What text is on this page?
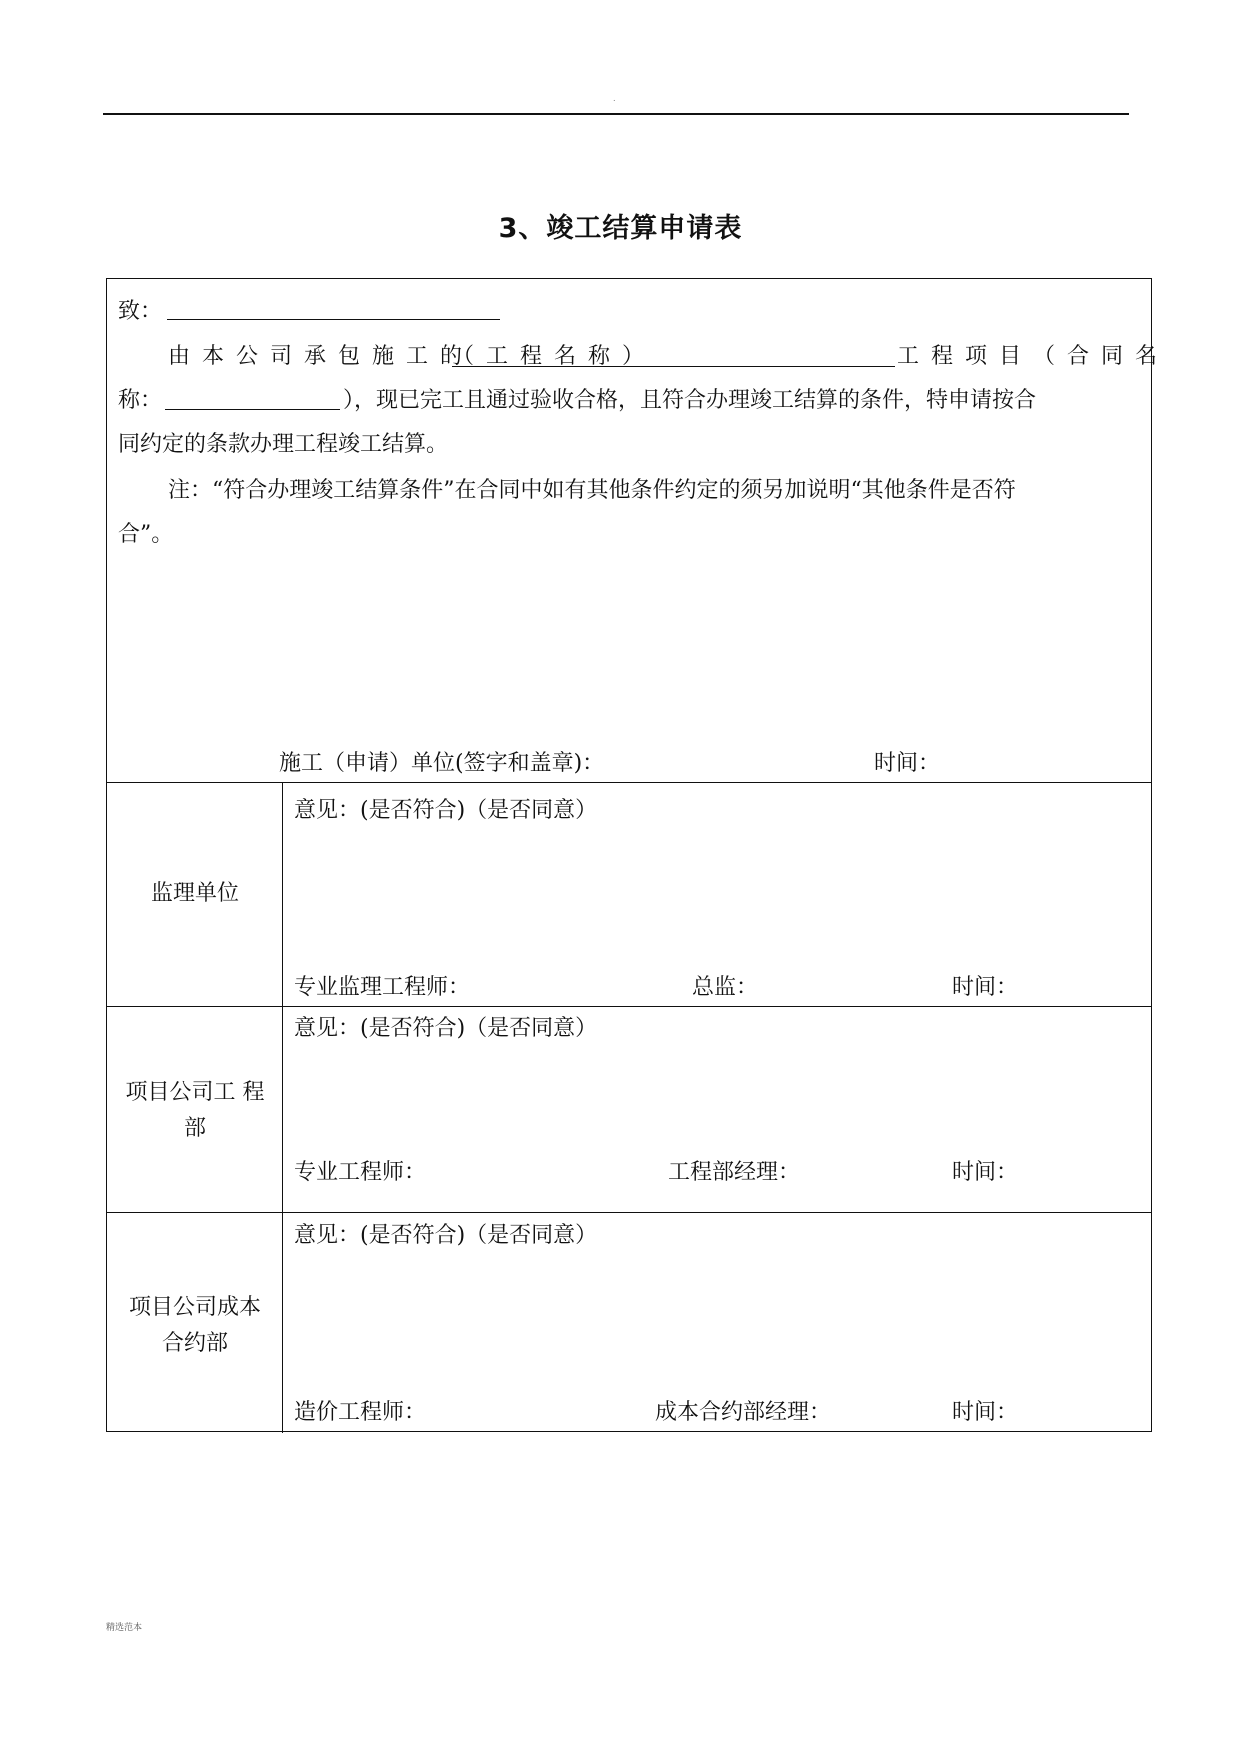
.
3、竣工结算申请表
致：
由本公司承包施工的
（工程名称）	工程项目（合同名
称：	），现已完工且通过验收合格，且符合办理竣工结算的条件，特申请按合
同约定的条款办理工程竣工结算。
注：“符合办理竣工结算条件”在合同中如有其他条件约定的须另加说明“其他条件是否符
合”。
施工（申请）单位(签字和盖章)：	时间：
监理单位
意见：(是否符合)（是否同意）
专业监理工程师：	总监：	时间：
项目公司工 程
部
意见：(是否符合)（是否同意）
专业工程师：	工程部经理：	时间：
项目公司成本
合约部
意见：(是否符合)（是否同意）
造价工程师：	成本合约部经理：	时间：
精选范本
